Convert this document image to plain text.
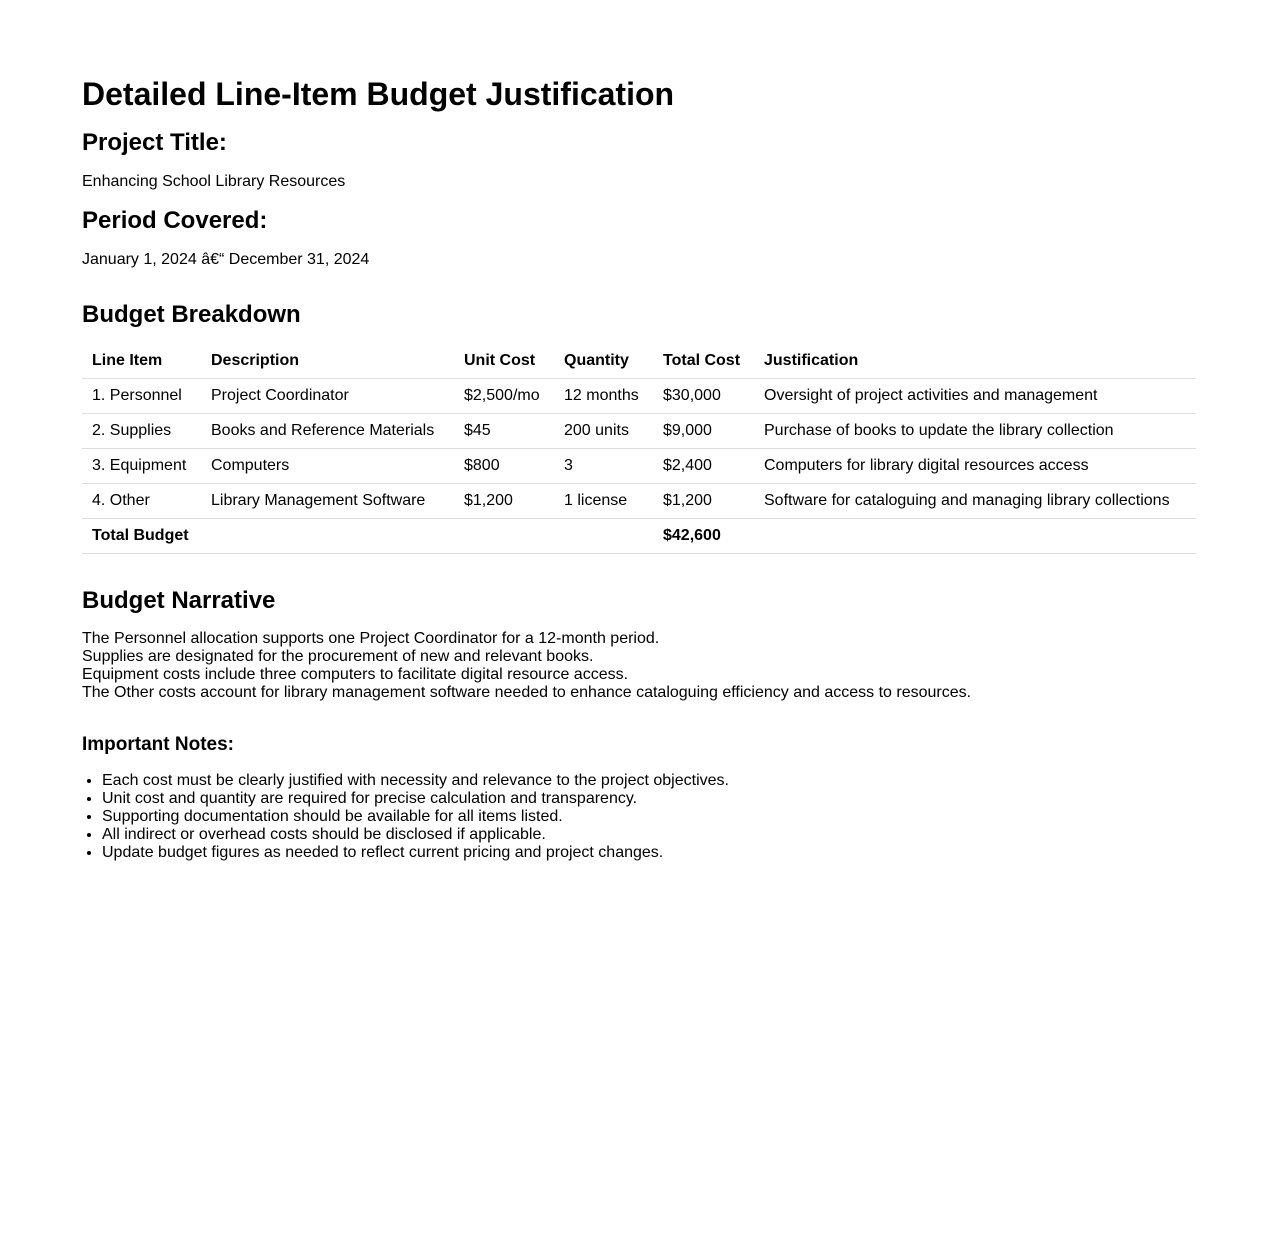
Detailed Line-Item Budget Justification
Project Title:

Enhancing School Library Resources

Period Covered:

January 1, 2024 â€“ December 31, 2024

Budget Breakdown
Line Item	Description	Unit Cost	Quantity	Total Cost	Justification
1. Personnel	Project Coordinator	$2,500/mo	12 months	$30,000	Oversight of project activities and management
2. Supplies	Books and Reference Materials	$45	200 units	$9,000	Purchase of books to update the library collection
3. Equipment	Computers	$800	3	$2,400	Computers for library digital resources access
4. Other	Library Management Software	$1,200	1 license	$1,200	Software for cataloguing and managing library collections
Total Budget				$42,600	
Budget Narrative
The Personnel allocation supports one Project Coordinator for a 12-month period.
Supplies are designated for the procurement of new and relevant books.
Equipment costs include three computers to facilitate digital resource access.
The Other costs account for library management software needed to enhance cataloguing efficiency and access to resources.
Important Notes:
• Each cost must be clearly justified with necessity and relevance to the project objectives.
• Unit cost and quantity are required for precise calculation and transparency.
• Supporting documentation should be available for all items listed.
• All indirect or overhead costs should be disclosed if applicable.
• Update budget figures as needed to reflect current pricing and project changes.
